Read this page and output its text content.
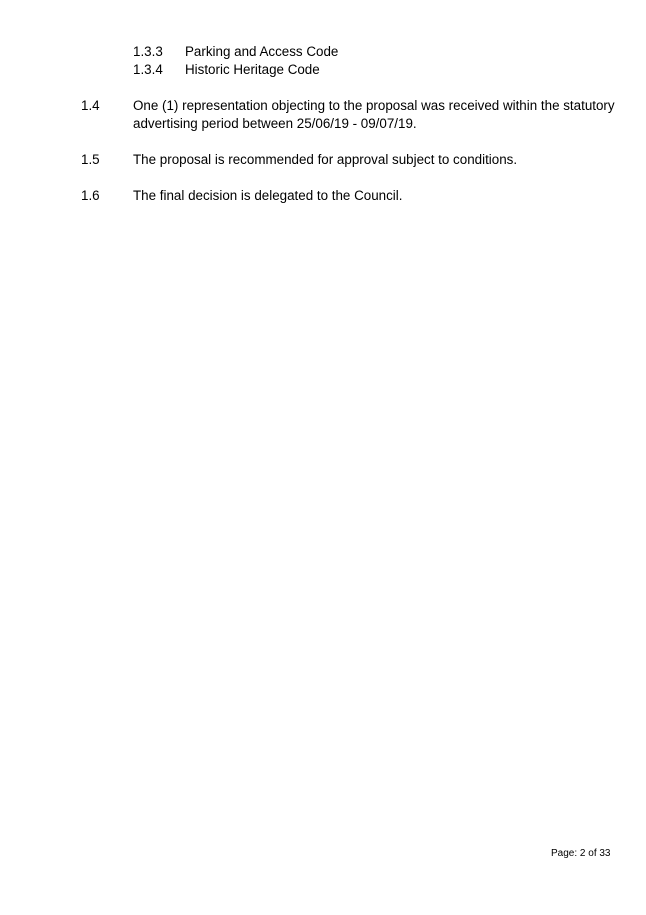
1.3.3 Parking and Access Code
1.3.4 Historic Heritage Code
1.4 One (1) representation objecting to the proposal was received within the statutory
advertising period between 25/06/19 - 09/07/19.
1.5 The proposal is recommended for approval subject to conditions.
1.6 The final decision is delegated to the Council.
Page: 2 of 33
